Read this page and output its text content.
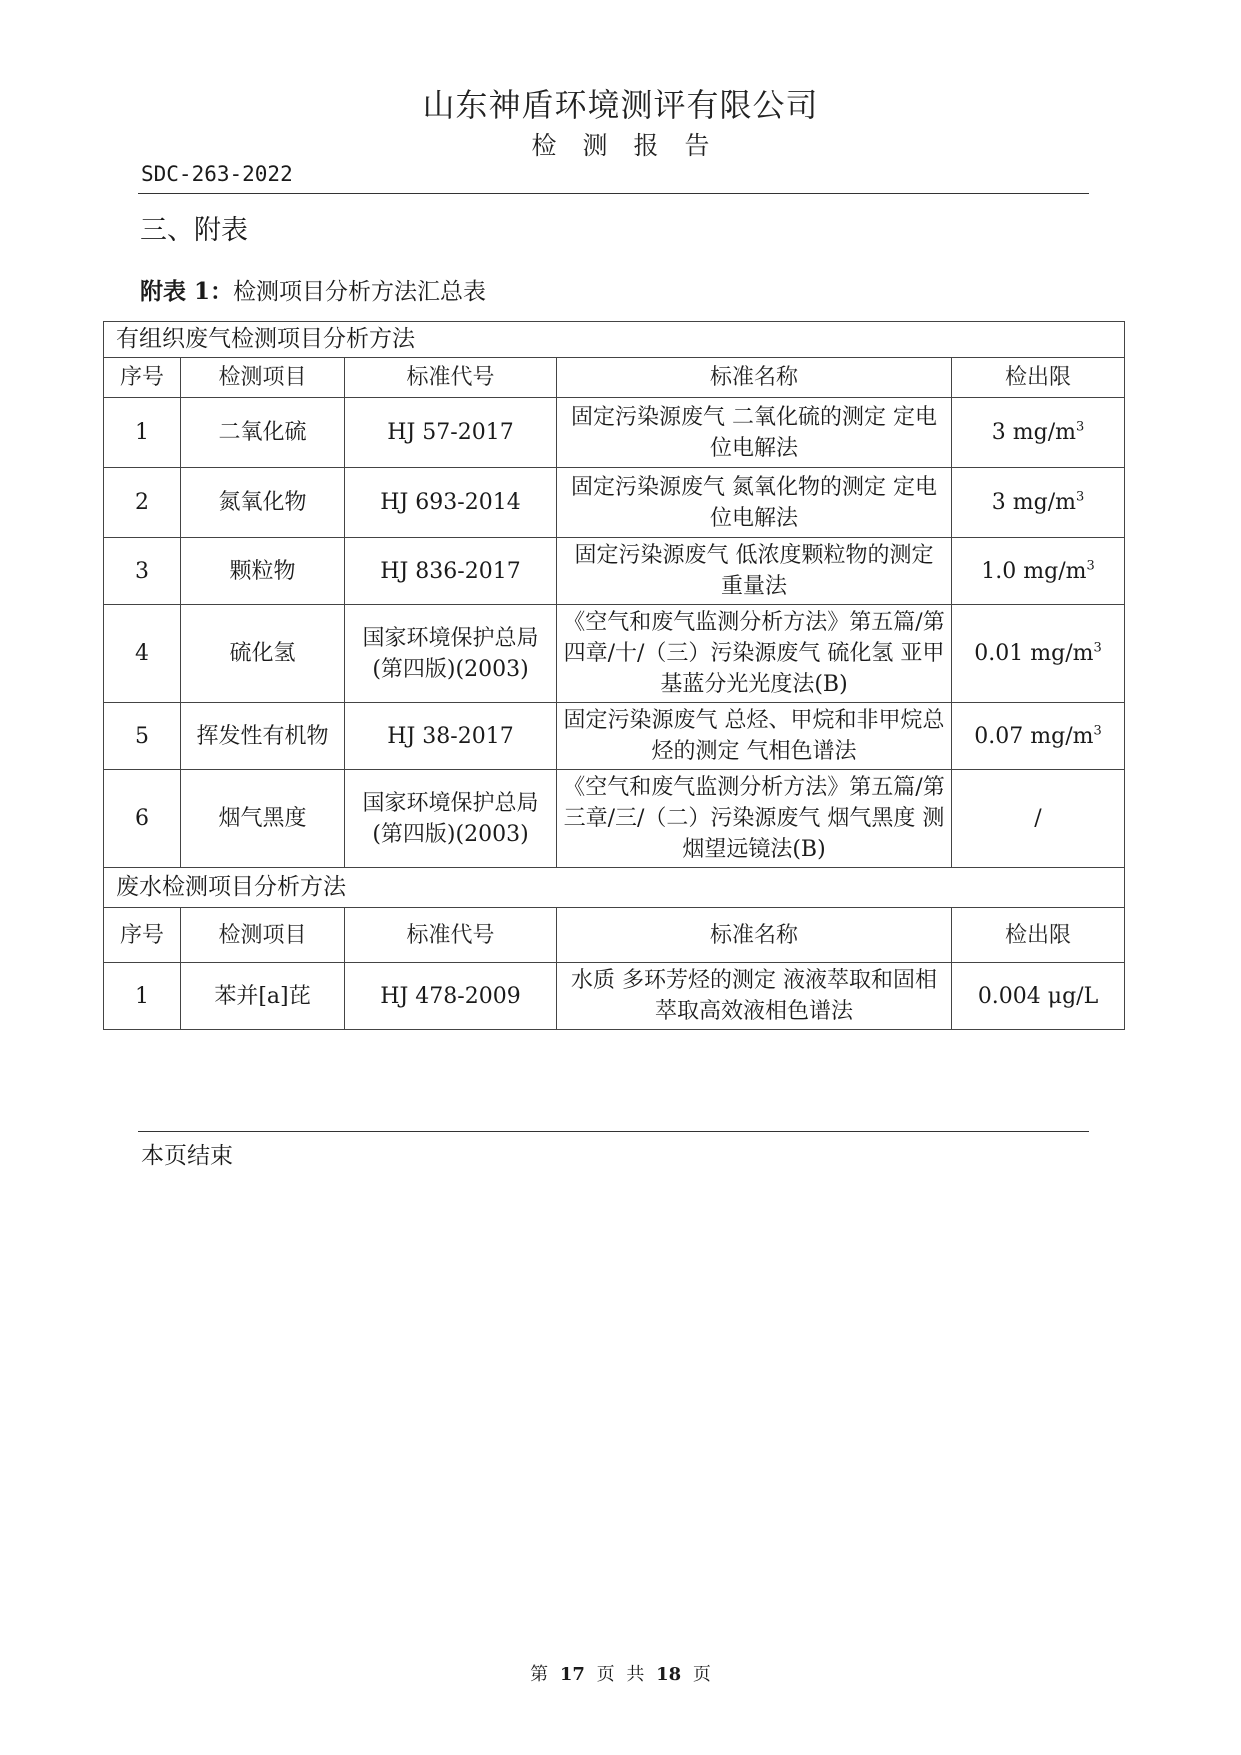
山东神盾环境测评有限公司
检测报告
SDC-263-2022
三、附表
附表 1：检测项目分析方法汇总表
有组织废气检测项目分析方法				
序号	检测项目	标准代号	标准名称	检出限
1	二氧化硫	HJ 57-2017	固定污染源废气 二氧化硫的测定 定电位电解法	3 $mg/m^3$
2	氮氧化物	HJ 693-2014	固定污染源废气 氮氧化物的测定 定电位电解法	3 $mg/m^3$
3	颗粒物	HJ 836-2017	固定污染源废气 低浓度颗粒物的测定 重量法	1.0 $mg/m^3$
4	硫化氢	国家环境保护总局 (第四版)(2003)	《空气和废气监测分析方法》第五篇/第四章/十/（三）污染源废气 硫化氢 亚甲基蓝分光光度法(B)	0.01 $mg/m^3$
5	挥发性有机物	HJ 38-2017	固定污染源废气 总烃、甲烷和非甲烷总烃的测定 气相色谱法	0.07 $mg/m^3$
6	烟气黑度	国家环境保护总局 (第四版)(2003)	《空气和废气监测分析方法》第五篇/第三章/三/（二）污染源废气 烟气黑度 测烟望远镜法(B)	/
废水检测项目分析方法				
序号	检测项目	标准代号	标准名称	检出限
1	苯并[a]芘	HJ 478-2009	水质 多环芳烃的测定 液液萃取和固相萃取高效液相色谱法	0.004 μg/L
本页结束
第 17 页 共 18 页
